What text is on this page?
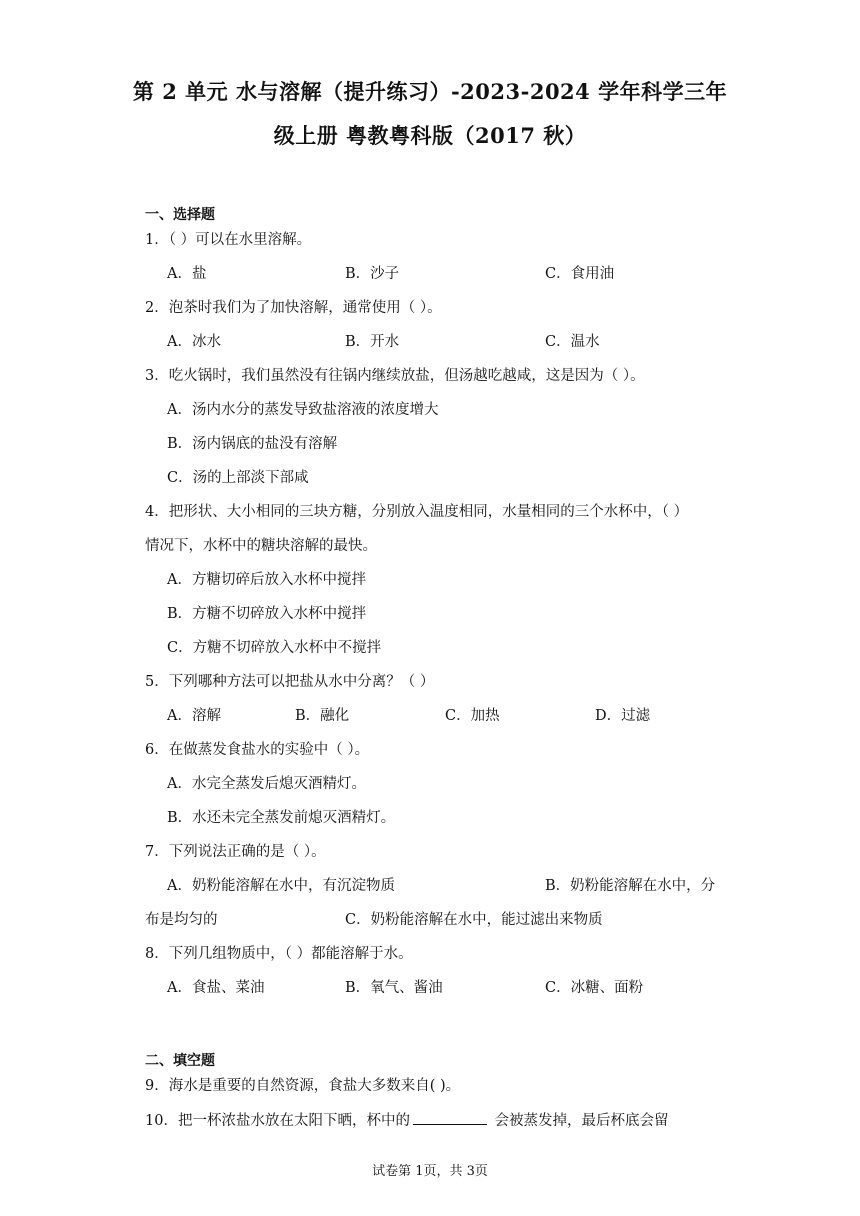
第 2 单元 水与溶解（提升练习）-2023-2024 学年科学三年
级上册 粤教粤科版（2017 秋）
一、选择题
1．（ ）可以在水里溶解。
A．盐	B．沙子	C．食用油
2．泡茶时我们为了加快溶解，通常使用（ ）。
A．冰水	B．开水	C．温水
3．吃火锅时，我们虽然没有往锅内继续放盐，但汤越吃越咸，这是因为（ ）。
A．汤内水分的蒸发导致盐溶液的浓度增大
B．汤内锅底的盐没有溶解
C．汤的上部淡下部咸
4．把形状、大小相同的三块方糖，分别放入温度相同，水量相同的三个水杯中，（ ）
情况下，水杯中的糖块溶解的最快。
A．方糖切碎后放入水杯中搅拌
B．方糖不切碎放入水杯中搅拌
C．方糖不切碎放入水杯中不搅拌
5．下列哪种方法可以把盐从水中分离？（ ）
A．溶解	B．融化	C．加热	D．过滤
6．在做蒸发食盐水的实验中（ ）。
A．水完全蒸发后熄灭酒精灯。
B．水还未完全蒸发前熄灭酒精灯。
7．下列说法正确的是（ ）。
A．奶粉能溶解在水中，有沉淀物质	B．奶粉能溶解在水中，分
布是均匀的	C．奶粉能溶解在水中，能过滤出来物质
8．下列几组物质中，（ ）都能溶解于水。
A．食盐、菜油	B．氧气、酱油	C．冰糖、面粉
二、填空题
9．海水是重要的自然资源，食盐大多数来自( )。
10．把一杯浓盐水放在太阳下晒，杯中的	会被蒸发掉，最后杯底会留
试卷第 1页，共 3页
